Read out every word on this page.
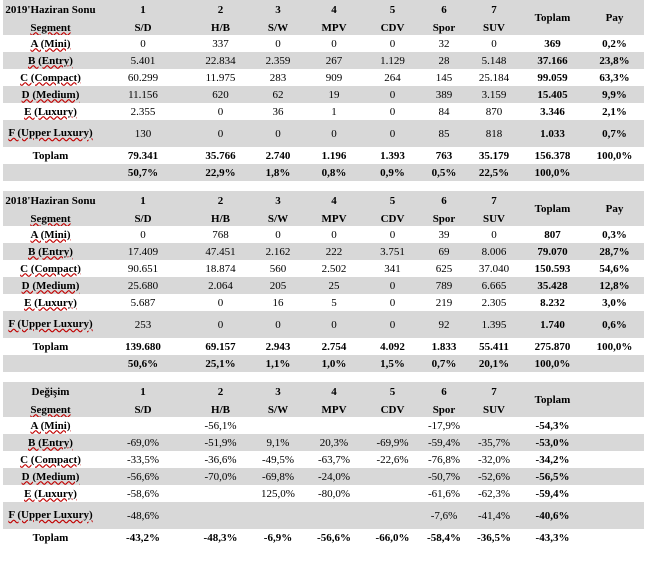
2019'Haziran Sonu	1	2	3	4	5	6	7	Toplam	Pay
Segment	S/D	H/B	S/W	MPV	CDV	Spor	SUV		
A (Mini)	0	337	0	0	0	32	0	369	0,2%
B (Entry)	5.401	22.834	2.359	267	1.129	28	5.148	37.166	23,8%
C (Compact)	60.299	11.975	283	909	264	145	25.184	99.059	63,3%
D (Medium)	11.156	620	62	19	0	389	3.159	15.405	9,9%
E (Luxury)	2.355	0	36	1	0	84	870	3.346	2,1%
F (Upper Luxury)	130	0	0	0	0	85	818	1.033	0,7%
Toplam	79.341	35.766	2.740	1.196	1.393	763	35.179	156.378	100,0%
	50,7%	22,9%	1,8%	0,8%	0,9%	0,5%	22,5%	100,0%	

2018'Haziran Sonu	1	2	3	4	5	6	7	Toplam	Pay
Segment	S/D	H/B	S/W	MPV	CDV	Spor	SUV		
A (Mini)	0	768	0	0	0	39	0	807	0,3%
B (Entry)	17.409	47.451	2.162	222	3.751	69	8.006	79.070	28,7%
C (Compact)	90.651	18.874	560	2.502	341	625	37.040	150.593	54,6%
D (Medium)	25.680	2.064	205	25	0	789	6.665	35.428	12,8%
E (Luxury)	5.687	0	16	5	0	219	2.305	8.232	3,0%
F (Upper Luxury)	253	0	0	0	0	92	1.395	1.740	0,6%
Toplam	139.680	69.157	2.943	2.754	4.092	1.833	55.411	275.870	100,0%
	50,6%	25,1%	1,1%	1,0%	1,5%	0,7%	20,1%	100,0%	

Değişim	1	2	3	4	5	6	7	Toplam	
Segment	S/D	H/B	S/W	MPV	CDV	Spor	SUV		
A (Mini)		-56,1%				-17,9%		-54,3%	
B (Entry)	-69,0%	-51,9%	9,1%	20,3%	-69,9%	-59,4%	-35,7%	-53,0%	
C (Compact)	-33,5%	-36,6%	-49,5%	-63,7%	-22,6%	-76,8%	-32,0%	-34,2%	
D (Medium)	-56,6%	-70,0%	-69,8%	-24,0%		-50,7%	-52,6%	-56,5%	
E (Luxury)	-58,6%		125,0%	-80,0%		-61,6%	-62,3%	-59,4%	
F (Upper Luxury)	-48,6%					-7,6%	-41,4%	-40,6%	
Toplam	-43,2%	-48,3%	-6,9%	-56,6%	-66,0%	-58,4%	-36,5%	-43,3%	
